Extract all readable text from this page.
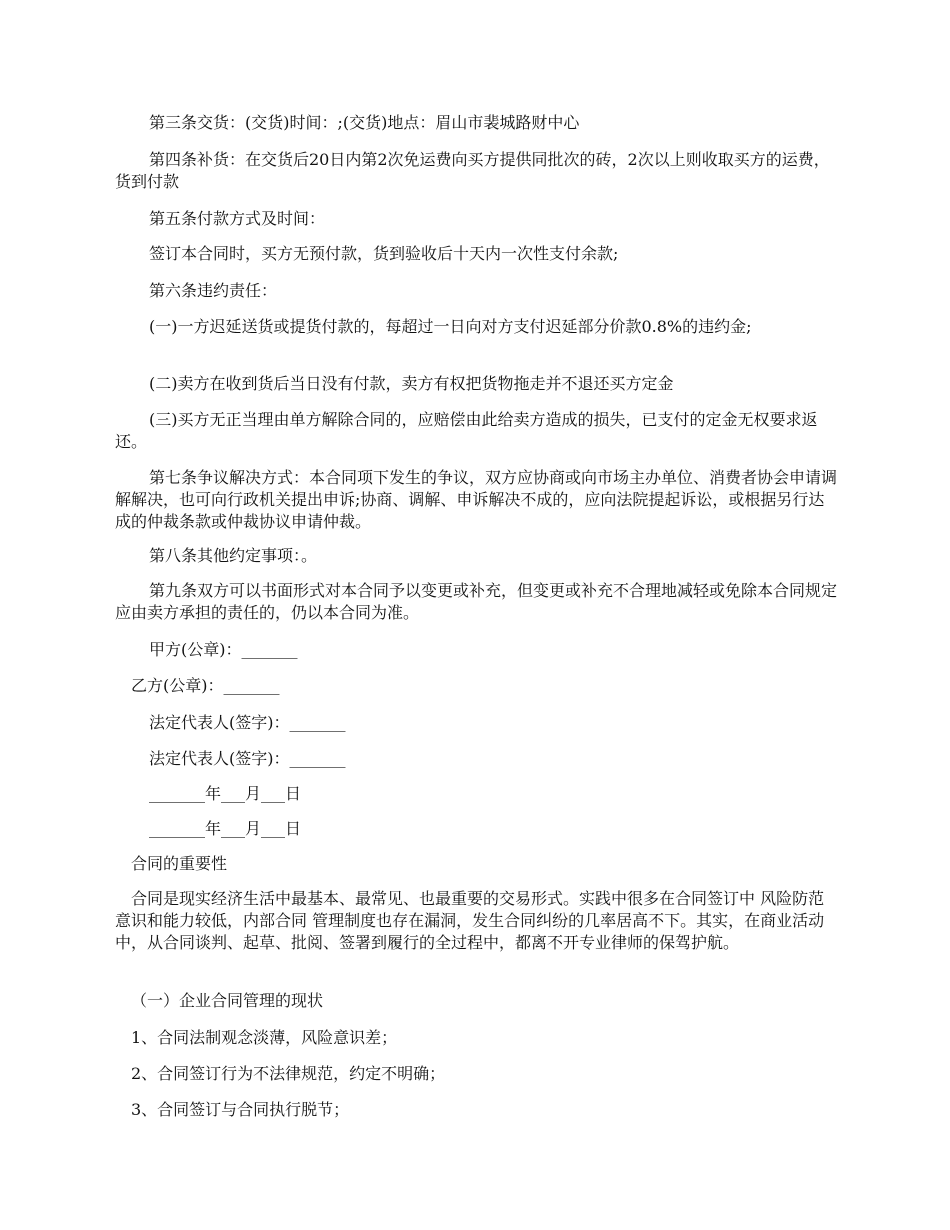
第三条交货：(交货)时间：;(交货)地点：眉山市裴城路财中心

第四条补货：在交货后20日内第2次免运费向买方提供同批次的砖，2次以上则收取买方的运费，货到付款

第五条付款方式及时间：

签订本合同时，买方无预付款，货到验收后十天内一次性支付余款;

第六条违约责任：

(一)一方迟延送货或提货付款的，每超过一日向对方支付迟延部分价款0.8%的违约金;

(二)卖方在收到货后当日没有付款，卖方有权把货物拖走并不退还买方定金

(三)买方无正当理由单方解除合同的，应赔偿由此给卖方造成的损失，已支付的定金无权要求返还。

第七条争议解决方式：本合同项下发生的争议，双方应协商或向市场主办单位、消费者协会申请调解解决，也可向行政机关提出申诉;协商、调解、申诉解决不成的，应向法院提起诉讼，或根据另行达成的仲裁条款或仲裁协议申请仲裁。

第八条其他约定事项：。

第九条双方可以书面形式对本合同予以变更或补充，但变更或补充不合理地减轻或免除本合同规定应由卖方承担的责任的，仍以本合同为准。

甲方(公章)：_______

乙方(公章)：_______

法定代表人(签字)：_______

法定代表人(签字)：_______

_______年___月___日

_______年___月___日

合同的重要性

合同是现实经济生活中最基本、最常见、也最重要的交易形式。实践中很多在合同签订中 风险防范意识和能力较低，内部合同 管理制度也存在漏洞，发生合同纠纷的几率居高不下。其实，在商业活动中，从合同谈判、起草、批阅、签署到履行的全过程中，都离不开专业律师的保驾护航。

（一）企业合同管理的现状

1、合同法制观念淡薄，风险意识差；

2、合同签订行为不法律规范，约定不明确；

3、合同签订与合同执行脱节；
